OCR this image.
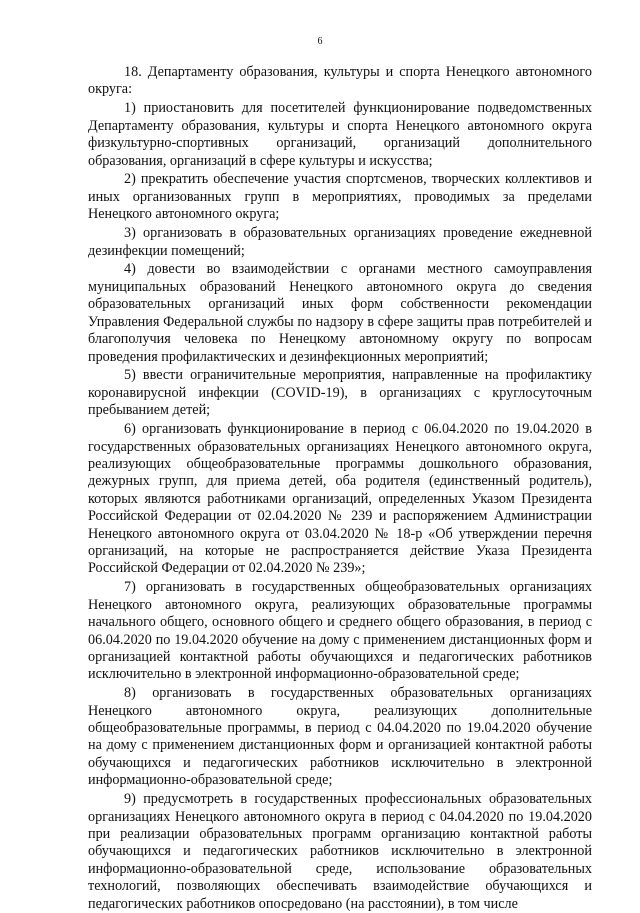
6

18. Департаменту образования, культуры и спорта Ненецкого автономного округа:

1) приостановить для посетителей функционирование подведомственных Департаменту образования, культуры и спорта Ненецкого автономного округа физкультурно-спортивных организаций, организаций дополнительного образования, организаций в сфере культуры и искусства;

2) прекратить обеспечение участия спортсменов, творческих коллективов и иных организованных групп в мероприятиях, проводимых за пределами Ненецкого автономного округа;

3) организовать в образовательных организациях проведение ежедневной дезинфекции помещений;

4) довести во взаимодействии с органами местного самоуправления муниципальных образований Ненецкого автономного округа до сведения образовательных организаций иных форм собственности рекомендации Управления Федеральной службы по надзору в сфере защиты прав потребителей и благополучия человека по Ненецкому автономному округу по вопросам проведения профилактических и дезинфекционных мероприятий;

5) ввести ограничительные мероприятия, направленные на профилактику коронавирусной инфекции (COVID-19), в организациях с круглосуточным пребыванием детей;

6) организовать функционирование в период с 06.04.2020 по 19.04.2020 в государственных образовательных организациях Ненецкого автономного округа, реализующих общеобразовательные программы дошкольного образования, дежурных групп, для приема детей, оба родителя (единственный родитель), которых являются работниками организаций, определенных Указом Президента Российской Федерации от 02.04.2020 № 239 и распоряжением Администрации Ненецкого автономного округа от 03.04.2020 № 18-р «Об утверждении перечня организаций, на которые не распространяется действие Указа Президента Российской Федерации от 02.04.2020 № 239»;

7) организовать в государственных общеобразовательных организациях Ненецкого автономного округа, реализующих образовательные программы начального общего, основного общего и среднего общего образования, в период с 06.04.2020 по 19.04.2020 обучение на дому с применением дистанционных форм и организацией контактной работы обучающихся и педагогических работников исключительно в электронной информационно-образовательной среде;

8) организовать в государственных образовательных организациях Ненецкого автономного округа, реализующих дополнительные общеобразовательные программы, в период с 04.04.2020 по 19.04.2020 обучение на дому с применением дистанционных форм и организацией контактной работы обучающихся и педагогических работников исключительно в электронной информационно-образовательной среде;

9) предусмотреть в государственных профессиональных образовательных организациях Ненецкого автономного округа в период с 04.04.2020 по 19.04.2020 при реализации образовательных программ организацию контактной работы обучающихся и педагогических работников исключительно в электронной информационно-образовательной среде, использование образовательных технологий, позволяющих обеспечивать взаимодействие обучающихся и педагогических работников опосредовано (на расстоянии), в том числе
